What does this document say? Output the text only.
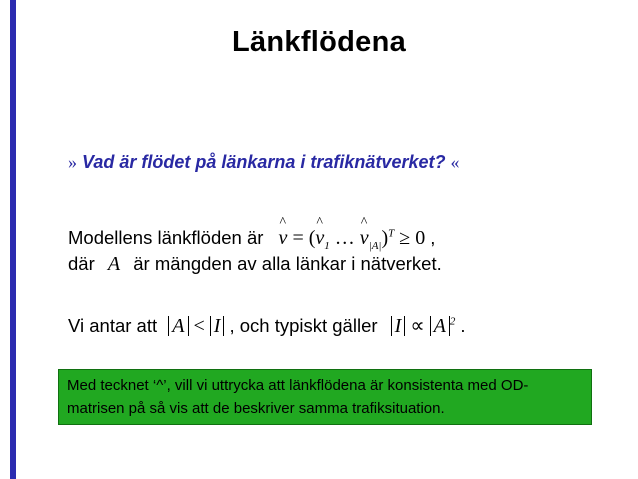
Länkflödena
» Vad är flödet på länkarna i trafiknätverket? «
Modellens länkflöden är ^ v = (^ $v_1$ … ^ $v_{|A|})^T \ge 0$ ,
där A är mängden av alla länkar i nätverket.
Vi antar att A < I , och typiskt gäller I ∝ A $^2$ .
Med tecknet ‘^’, vill vi uttrycka att länkflödena är konsistenta med OD-matrisen på så vis att de beskriver samma trafiksituation.
